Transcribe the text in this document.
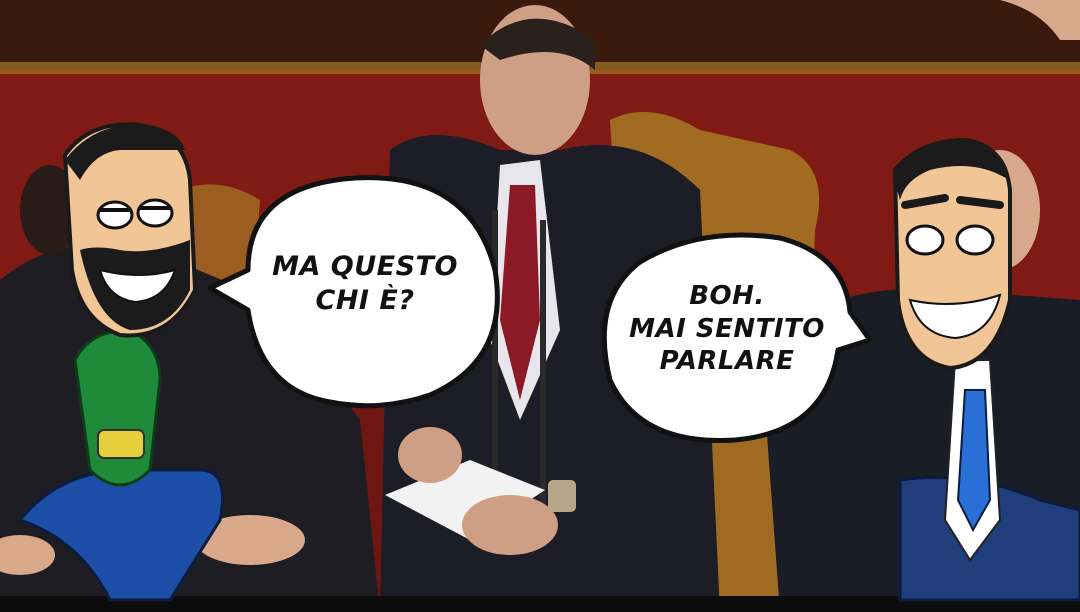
MA QUESTO
CHI È?	BOH.
MAI SENTITO
PARLARE
